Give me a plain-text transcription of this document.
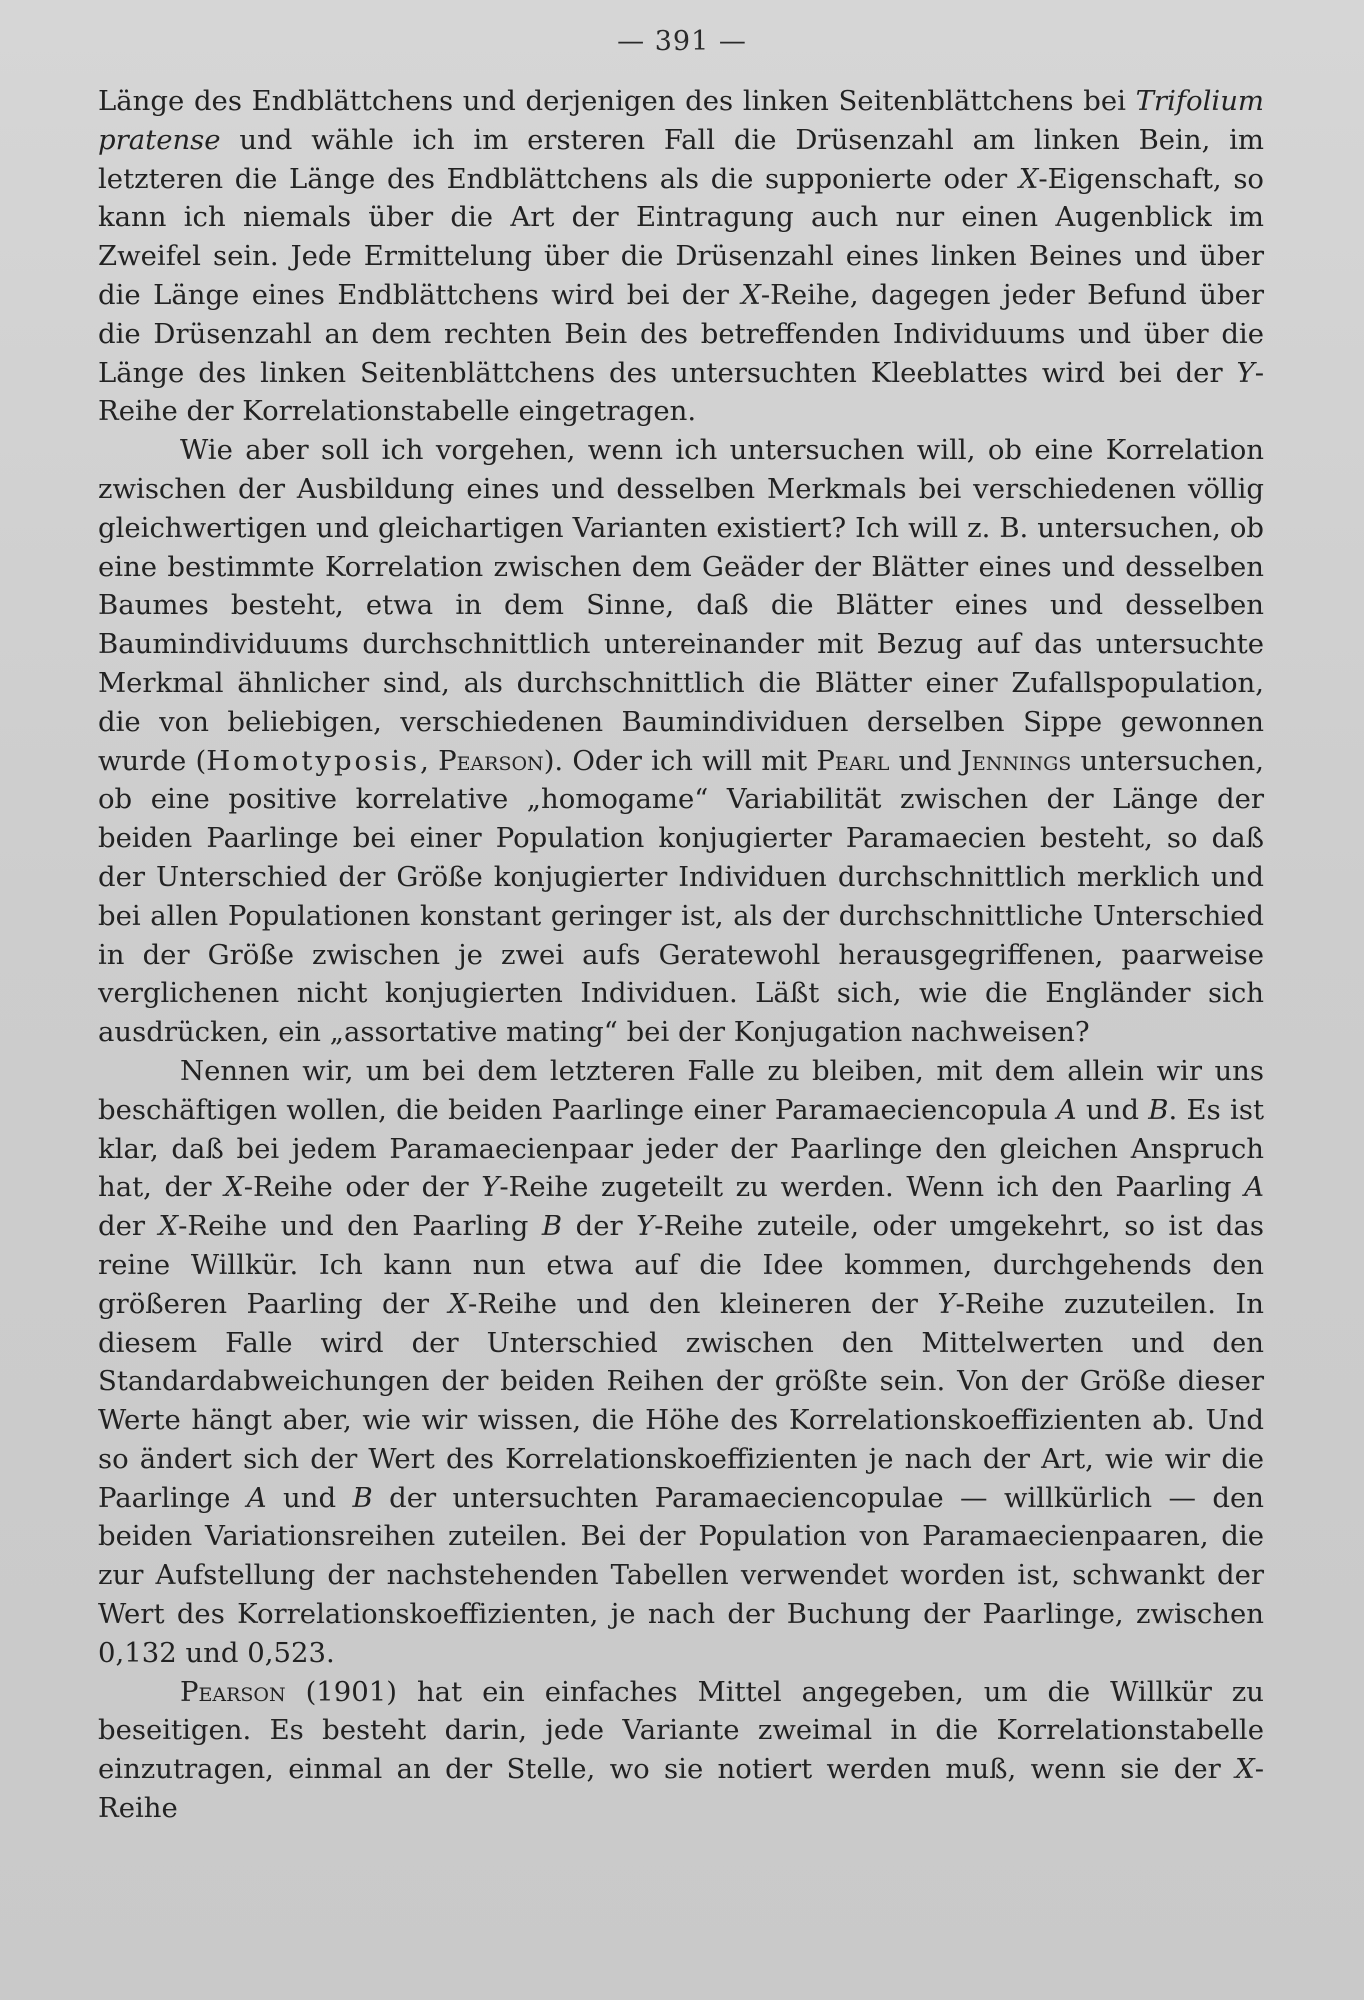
— 391 —

Länge des Endblättchens und derjenigen des linken Seitenblättchens bei Trifolium pratense und wähle ich im ersteren Fall die Drüsenzahl am linken Bein, im letzteren die Länge des Endblättchens als die supponierte oder X-Eigenschaft, so kann ich niemals über die Art der Eintragung auch nur einen Augenblick im Zweifel sein. Jede Ermittelung über die Drüsenzahl eines linken Beines und über die Länge eines Endblättchens wird bei der X-Reihe, dagegen jeder Befund über die Drüsenzahl an dem rechten Bein des betreffenden Individuums und über die Länge des linken Seitenblättchens des untersuchten Kleeblattes wird bei der Y-Reihe der Korrelationstabelle eingetragen.

Wie aber soll ich vorgehen, wenn ich untersuchen will, ob eine Korrelation zwischen der Ausbildung eines und desselben Merkmals bei verschiedenen völlig gleichwertigen und gleichartigen Varianten existiert? Ich will z. B. untersuchen, ob eine bestimmte Korrelation zwischen dem Geäder der Blätter eines und desselben Baumes besteht, etwa in dem Sinne, daß die Blätter eines und desselben Baumindividuums durchschnittlich untereinander mit Bezug auf das untersuchte Merkmal ähnlicher sind, als durchschnittlich die Blätter einer Zufallspopulation, die von beliebigen, verschiedenen Baumindividuen derselben Sippe gewonnen wurde (Homotyposis, Pearson). Oder ich will mit Pearl und Jennings untersuchen, ob eine positive korrelative „homogame“ Variabilität zwischen der Länge der beiden Paarlinge bei einer Population konjugierter Paramaecien besteht, so daß der Unterschied der Größe konjugierter Individuen durchschnittlich merklich und bei allen Populationen konstant geringer ist, als der durchschnittliche Unterschied in der Größe zwischen je zwei aufs Geratewohl herausgegriffenen, paarweise verglichenen nicht konjugierten Individuen. Läßt sich, wie die Engländer sich ausdrücken, ein „assortative mating“ bei der Konjugation nachweisen?

Nennen wir, um bei dem letzteren Falle zu bleiben, mit dem allein wir uns beschäftigen wollen, die beiden Paarlinge einer Paramaeciencopula A und B. Es ist klar, daß bei jedem Paramaecienpaar jeder der Paarlinge den gleichen Anspruch hat, der X-Reihe oder der Y-Reihe zugeteilt zu werden. Wenn ich den Paarling A der X-Reihe und den Paarling B der Y-Reihe zuteile, oder umgekehrt, so ist das reine Willkür. Ich kann nun etwa auf die Idee kommen, durchgehends den größeren Paarling der X-Reihe und den kleineren der Y-Reihe zuzuteilen. In diesem Falle wird der Unterschied zwischen den Mittelwerten und den Standardabweichungen der beiden Reihen der größte sein. Von der Größe dieser Werte hängt aber, wie wir wissen, die Höhe des Korrelationskoeffizienten ab. Und so ändert sich der Wert des Korrelationskoeffizienten je nach der Art, wie wir die Paarlinge A und B der untersuchten Paramaeciencopulae — willkürlich — den beiden Variationsreihen zuteilen. Bei der Population von Paramaecienpaaren, die zur Aufstellung der nachstehenden Tabellen verwendet worden ist, schwankt der Wert des Korrelationskoeffizienten, je nach der Buchung der Paarlinge, zwischen 0,132 und 0,523.

Pearson (1901) hat ein einfaches Mittel angegeben, um die Willkür zu beseitigen. Es besteht darin, jede Variante zweimal in die Korrelationstabelle einzutragen, einmal an der Stelle, wo sie notiert werden muß, wenn sie der X-Reihe
